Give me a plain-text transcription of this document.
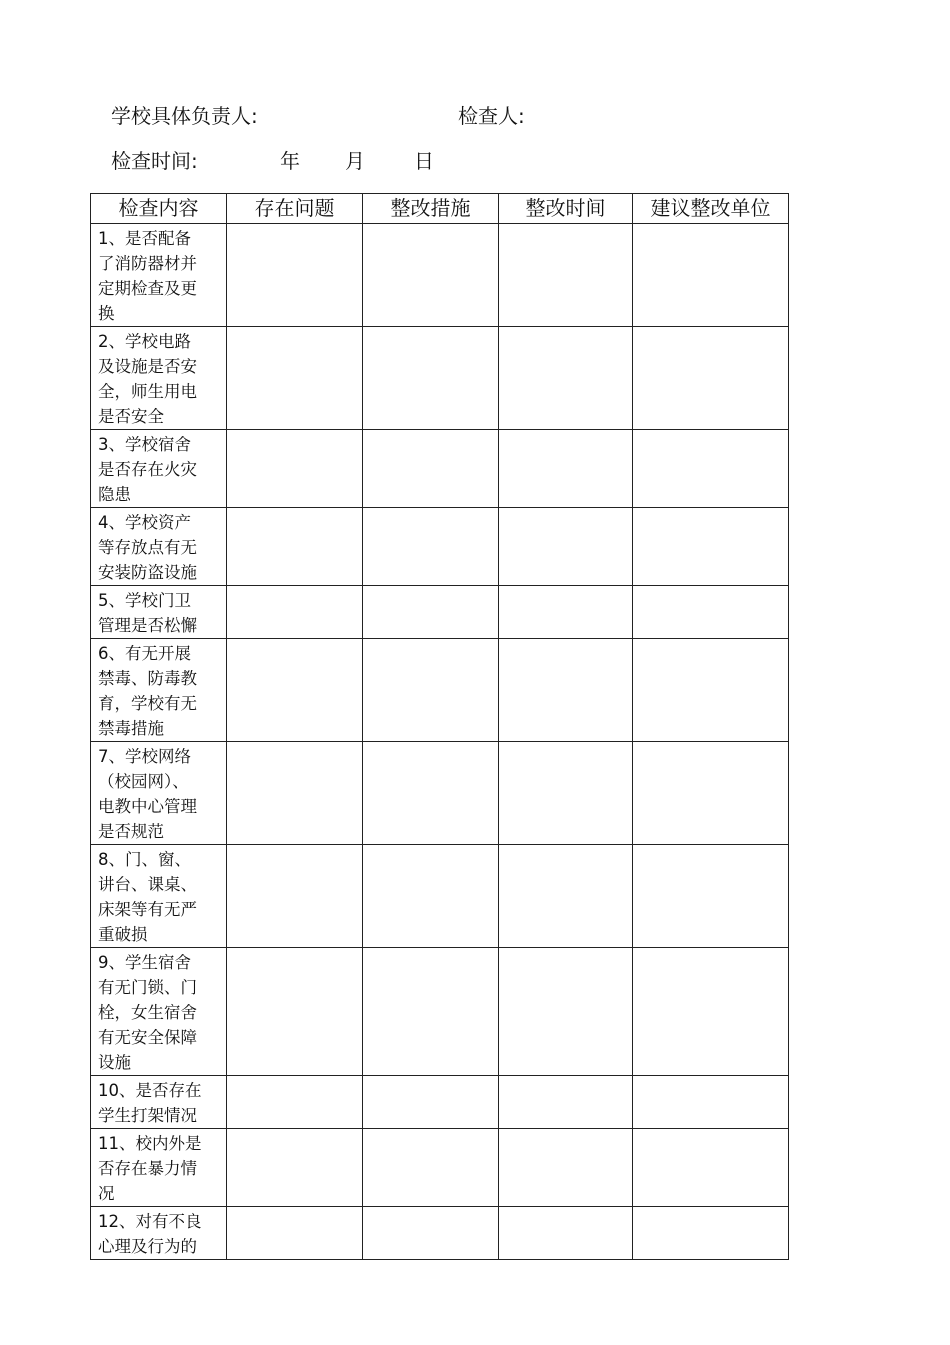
学校具体负责人:	检查人:
检查时间:	年 月 日
检查内容	存在问题	整改措施	整改时间	建议整改单位

1、是否配备
了消防器材并
定期检查及更
换				

2、学校电路
及设施是否安
全，师生用电
是否安全				

3、学校宿舍
是否存在火灾
隐患				

4、学校资产
等存放点有无
安装防盗设施				

5、学校门卫
管理是否松懈				

6、有无开展
禁毒、防毒教
育，学校有无
禁毒措施				

7、学校网络
（校园网）、
电教中心管理
是否规范				

8、门、窗、
讲台、课桌、
床架等有无严
重破损				

9、学生宿舍
有无门锁、门
栓，女生宿舍
有无安全保障
设施				

10、是否存在
学生打架情况				

11、校内外是
否存在暴力情
况				

12、对有不良
心理及行为的				
